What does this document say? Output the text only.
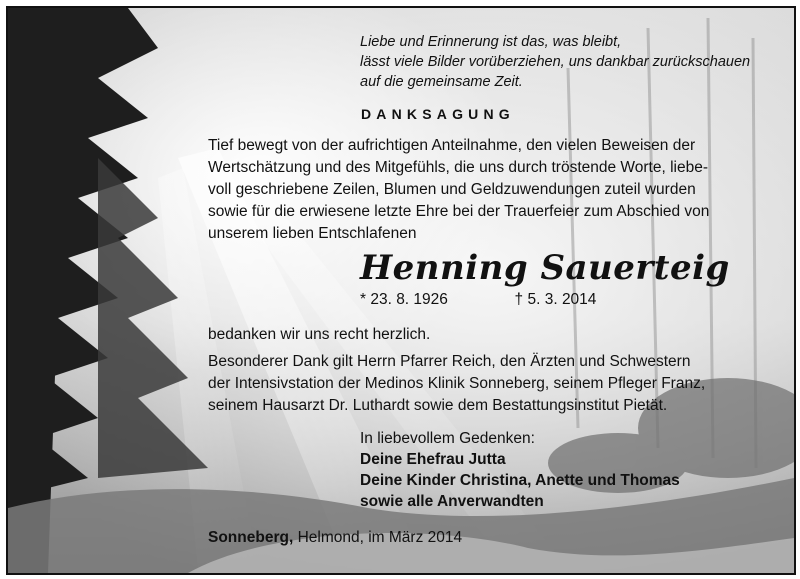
Liebe und Erinnerung ist das, was bleibt,
lässt viele Bilder vorüberziehen, uns dankbar zurückschauen
auf die gemeinsame Zeit.
DANKSAGUNG
Tief bewegt von der aufrichtigen Anteilnahme, den vielen Beweisen der
Wertschätzung und des Mitgefühls, die uns durch tröstende Worte, liebe-
voll geschriebene Zeilen, Blumen und Geldzuwendungen zuteil wurden
sowie für die erwiesene letzte Ehre bei der Trauerfeier zum Abschied von
unserem lieben Entschlafenen
Henning Sauerteig
* 23. 8. 1926	† 5. 3. 2014
bedanken wir uns recht herzlich.
Besonderer Dank gilt Herrn Pfarrer Reich, den Ärzten und Schwestern
der Intensivstation der Medinos Klinik Sonneberg, seinem Pfleger Franz,
seinem Hausarzt Dr. Luthardt sowie dem Bestattungsinstitut Pietät.
In liebevollem Gedenken:
Deine Ehefrau Jutta
Deine Kinder Christina, Anette und Thomas
sowie alle Anverwandten
Sonneberg, Helmond, im März 2014
